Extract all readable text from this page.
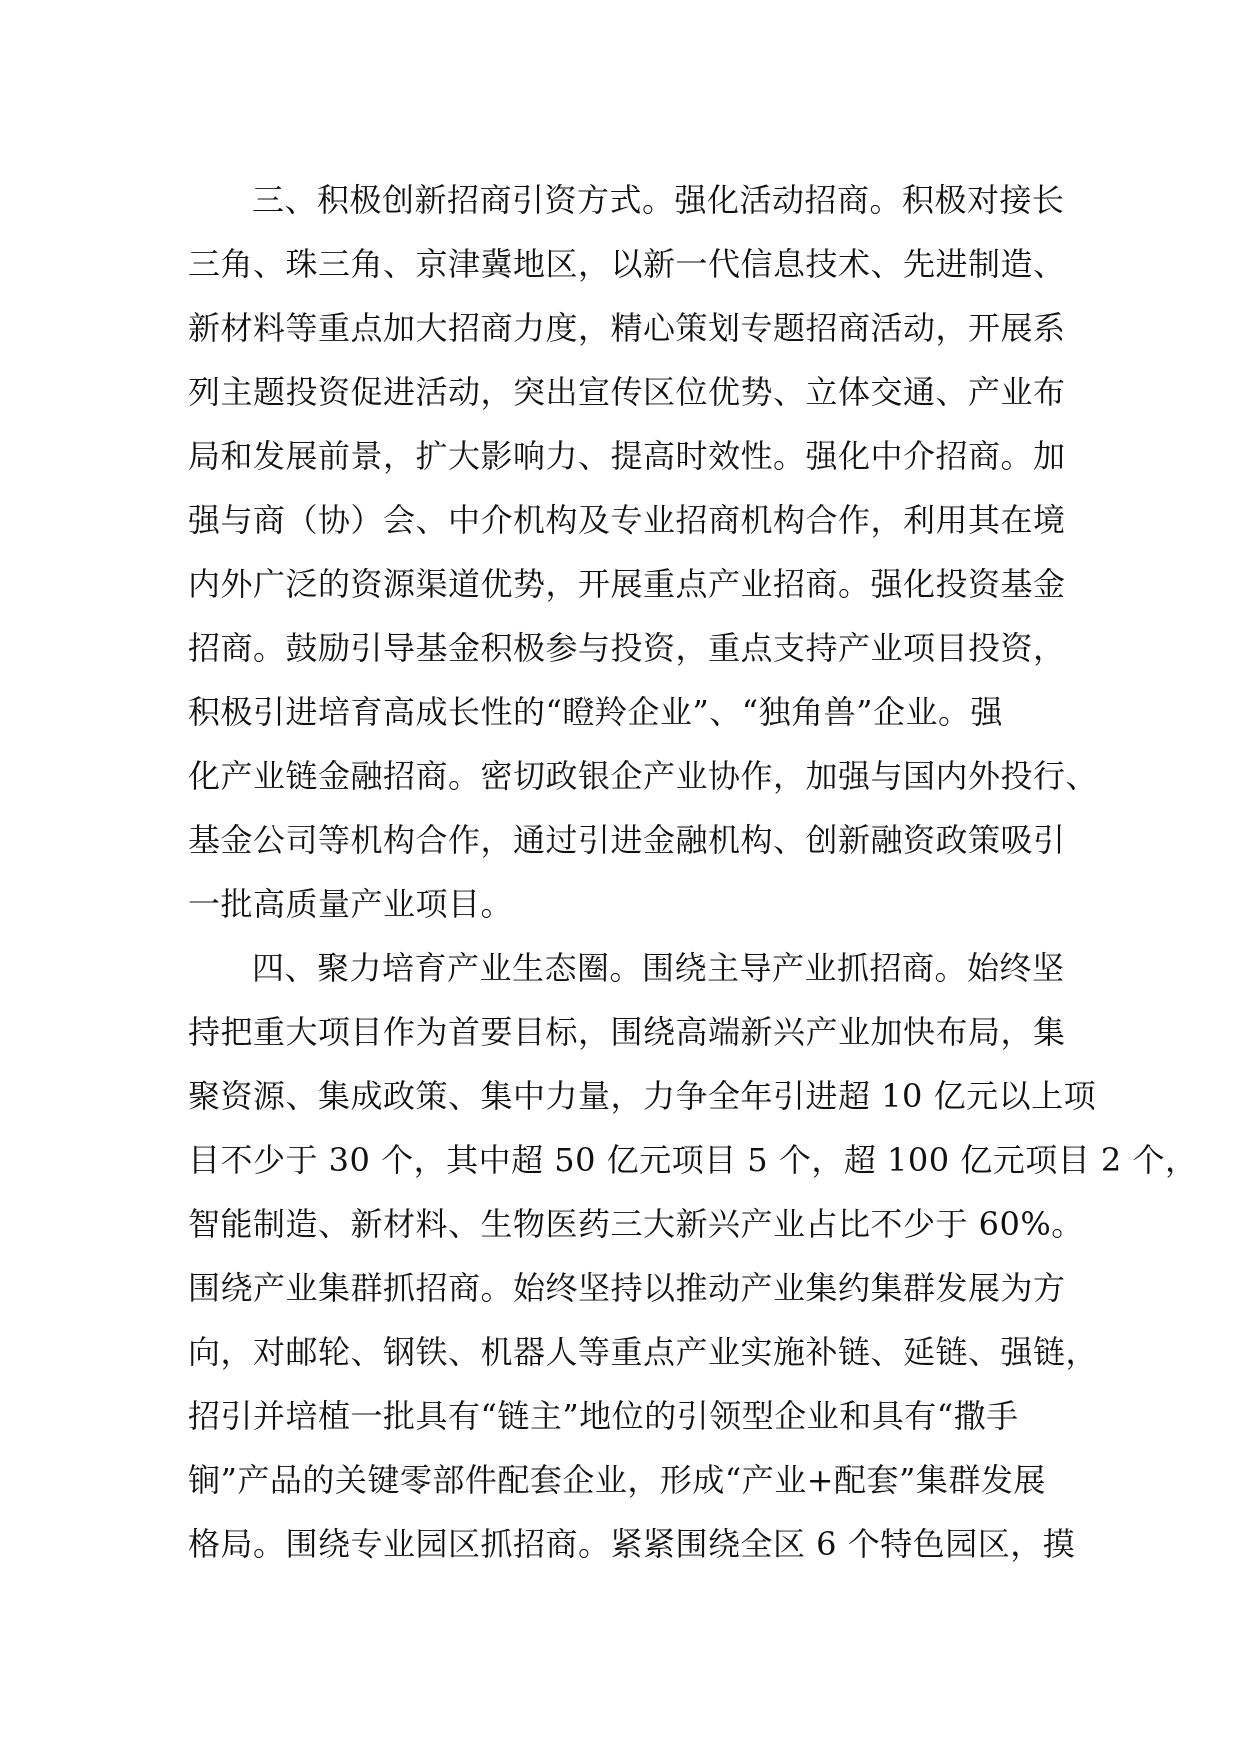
三、积极创新招商引资方式。强化活动招商。积极对接长
三角、珠三角、京津冀地区，以新一代信息技术、先进制造、
新材料等重点加大招商力度，精心策划专题招商活动，开展系
列主题投资促进活动，突出宣传区位优势、立体交通、产业布
局和发展前景，扩大影响力、提高时效性。强化中介招商。加
强与商（协）会、中介机构及专业招商机构合作，利用其在境
内外广泛的资源渠道优势，开展重点产业招商。强化投资基金
招商。鼓励引导基金积极参与投资，重点支持产业项目投资，
积极引进培育高成长性的“瞪羚企业”、“独角兽”企业。强
化产业链金融招商。密切政银企产业协作，加强与国内外投行、
基金公司等机构合作，通过引进金融机构、创新融资政策吸引
一批高质量产业项目。
四、聚力培育产业生态圈。围绕主导产业抓招商。始终坚
持把重大项目作为首要目标，围绕高端新兴产业加快布局，集
聚资源、集成政策、集中力量，力争全年引进超 10 亿元以上项
目不少于 30 个，其中超 50 亿元项目 5 个，超 100 亿元项目 2 个，
智能制造、新材料、生物医药三大新兴产业占比不少于 60%。
围绕产业集群抓招商。始终坚持以推动产业集约集群发展为方
向，对邮轮、钢铁、机器人等重点产业实施补链、延链、强链，
招引并培植一批具有“链主”地位的引领型企业和具有“撒手
锏”产品的关键零部件配套企业，形成“产业+配套”集群发展
格局。围绕专业园区抓招商。紧紧围绕全区 6 个特色园区，摸
